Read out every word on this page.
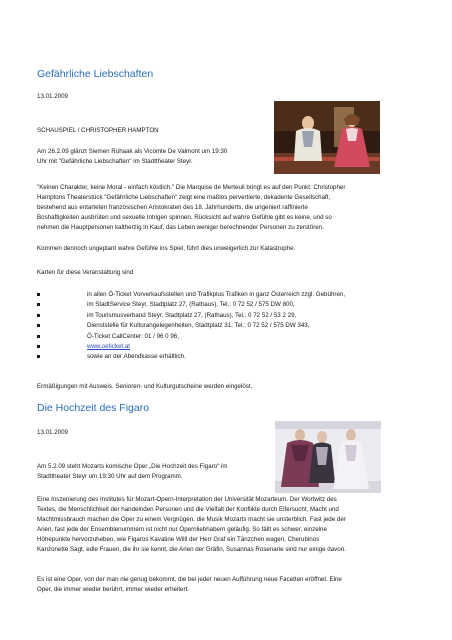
Gefährliche Liebschaften
13.01.2009
SCHAUSPIEL / CHRISTOPHER HAMPTON
Am 26.2.09 glänzt Siemen Rühaak als Vicomte De Valmont um 19:30
Uhr mit "Gefährliche Liebschaften" im Stadttheater Steyr.
"Keinen Charakter, keine Moral - einfach köstlich." Die Marquise de Merteuil bringt es auf den Punkt: Christopher
Hamptons Theaterstück "Gefährliche Liebschaften" zeigt eine maßlos pervertierte, dekadente Gesellschaft,
bestehend aus entarteten französischen Aristokraten des 18. Jahrhunderts, die ungeniert raffinierte
Boshaftigkeiten ausbrüten und sexuelle Intrigen spinnen. Rücksicht auf wahre Gefühle gibt es keine, und so
nehmen die Hauptpersonen kaltherzig in Kauf, das Leben weniger berechnender Personen zu zerstören.
Kommen dennoch ungeplant wahre Gefühle ins Spiel, führt dies unweigerlich zur Katastrophe.
Karten für diese Veranstaltung sind
in allen Ö-Ticket Vorverkaufsstellen und Trafikplus Trafiken in ganz Österreich zzgl. Gebühren,
im StadtService Steyr, Stadtplatz 27, (Rathaus), Tel.: 0 72 52 / 575 DW 800,
im Tourismusverband Steyr, Stadtplatz 27, (Rathaus), Tel.: 0 72 52 / 53 2 29,
Dienststelle für Kulturangelegenheiten, Stadtplatz 31, Tel.: 0 72 52 / 575 DW 343,
Ö-Ticket CallCenter: 01 / 96 0 96,
www.oeticket.at
sowie an der Abendkasse erhältlich.
Ermäßigungen mit Ausweis. Senioren- und Kulturgutscheine werden eingelöst.
Die Hochzeit des Figaro
13.01.2009
Am 5.2.09 steht Mozarts komische Oper „Die Hochzeit des Figaro“ im
Stadttheater Steyr um 19:30 Uhr auf dem Programm.
Eine Inszenierung des Institutes für Mozart-Opern-Interpretation der Universität Mozarteum. Der Wortwitz des
Textes, die Menschlichkeit der handelnden Personen und die Vielfalt der Konflikte durch Eifersucht, Macht und
Machtmissbrauch machen die Oper zu einem Vergnügen, die Musik Mozarts macht sie unsterblich. Fast jede der
Arien, fast jede der Ensemblenummern ist nicht nur Opernliebhabern geläufig. So fällt es schwer, einzelne
Höhepunkte hervorzuheben, wie Figaros Kavatine Willl der Herr Graf ein Tänzchen wagen, Cherubinos
Kanzonette Sagt, edle Frauen, die ihr sie kennt, die Arien der Gräfin, Susannas Rosenarie sind nur einige davon.
Es ist eine Oper, von der man nie genug bekommt, die bei jeder neuen Aufführung neue Facetten eröffnet. Eine
Oper, die immer wieder berührt, immer wieder erheitert.
